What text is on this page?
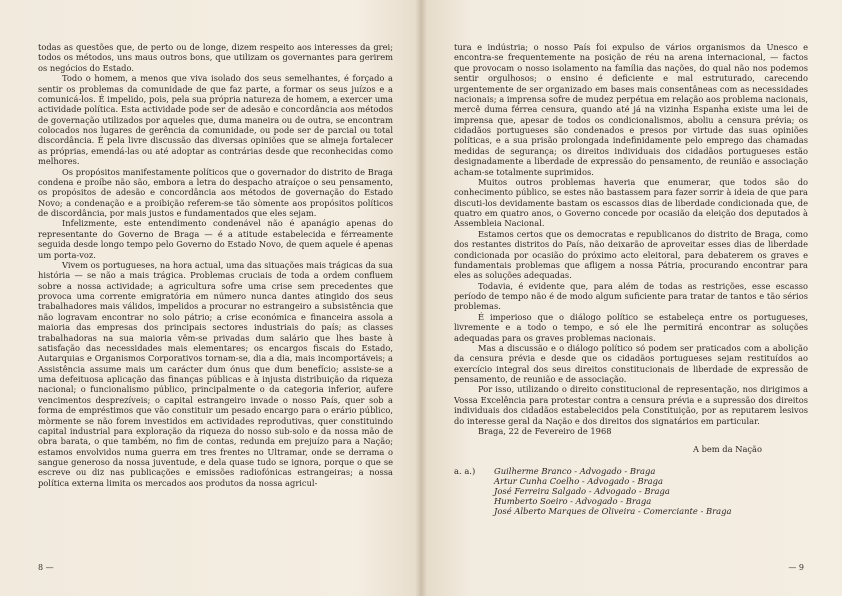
todas as questões que, de perto ou de longe, dizem respeito aos interesses da grei; todos os métodos, uns maus outros bons, que utilizam os governantes para gerirem os negócios do Estado.

Todo o homem, a menos que viva isolado dos seus semelhantes, é forçado a sentir os problemas da comunidade de que faz parte, a formar os seus juízos e a comunicá-los. É impelido, pois, pela sua própria natureza de homem, a exercer uma actividade política. Esta actividade pode ser de adesão e concordância aos métodos de governação utilizados por aqueles que, duma maneira ou de outra, se encontram colocados nos lugares de gerência da comunidade, ou pode ser de parcial ou total discordância. É pela livre discussão das diversas opiniões que se almeja fortalecer as próprias, emendá-las ou até adoptar as contrárias desde que reconhecidas como melhores.

Os propósitos manifestamente políticos que o governador do distrito de Braga condena e proíbe não são, embora a letra do despacho atraíçoe o seu pensamento, os propósitos de adesão e concordância aos métodos de governação do Estado Novo; a condenação e a proibição referem-se tão sòmente aos propósitos políticos de discordância, por mais justos e fundamentados que eles sejam.

Infelizmente, este entendimento condenável não é apanágio apenas do representante do Governo de Braga — é a atitude estabelecida e férreamente seguida desde longo tempo pelo Governo do Estado Novo, de quem aquele é apenas um porta-voz.

Vivem os portugueses, na hora actual, uma das situações mais trágicas da sua história — se não a mais trágica. Problemas cruciais de toda a ordem confluem sobre a nossa actividade; a agricultura sofre uma crise sem precedentes que provoca uma corrente emigratória em número nunca dantes atingido dos seus trabalhadores mais válidos, impelidos a procurar no estrangeiro a subsistência que não logravam encontrar no solo pátrio; a crise económica e financeira assola a maioria das empresas dos principais sectores industriais do país; as classes trabalhadoras na sua maioria vêm-se privadas dum salário que lhes baste à satisfação das necessidades mais elementares; os encargos fiscais do Estado, Autarquias e Organismos Corporativos tornam-se, dia a dia, mais incomportáveis; a Assistência assume mais um carácter dum ónus que dum benefício; assiste-se a uma defeituosa aplicação das finanças públicas e à injusta distribuição da riqueza nacional; o funcionalismo público, principalmente o da categoria inferior, aufere vencimentos desprezíveis; o capital estrangeiro invade o nosso País, quer sob a forma de empréstimos que vão constituir um pesado encargo para o erário público, mòrmente se não forem investidos em actividades reprodutivas, quer constituindo capital industrial para exploração da riqueza do nosso sub-solo e da nossa mão de obra barata, o que também, no fim de contas, redunda em prejuízo para a Nação; estamos envolvidos numa guerra em tres frentes no Ultramar, onde se derrama o sangue generoso da nossa juventude, e dela quase tudo se ignora, porque o que se escreve ou diz nas publicações e emissões radiofónicas estrangeiras; a nossa política externa limita os mercados aos produtos da nossa agricul-

8 —

tura e indústria; o nosso País foi expulso de vários organismos da Unesco e encontra-se frequentemente na posição de réu na arena internacional, — factos que provocam o nosso isolamento na família das nações, do qual não nos podemos sentir orgulhosos; o ensino é deficiente e mal estruturado, carecendo urgentemente de ser organizado em bases mais consentâneas com as necessidades nacionais; a imprensa sofre de mudez perpétua em relação aos problema nacionais, mercê duma férrea censura, quando até já na vizinha Espanha existe uma lei de imprensa que, apesar de todos os condicionalismos, aboliu a censura prévia; os cidadãos portugueses são condenados e presos por virtude das suas opiniões políticas, e a sua prisão prolongada indefinidamente pelo emprego das chamadas medidas de segurança; os direitos individuais dos cidadãos portugueses estão designadamente a liberdade de expressão do pensamento, de reunião e associação acham-se totalmente suprimidos.

Muitos outros problemas haveria que enumerar, que todos são do conhecimento público, se estes não bastassem para fazer sorrir à ideia de que para discuti-los devidamente bastam os escassos dias de liberdade condicionada que, de quatro em quatro anos, o Governo concede por ocasião da eleição dos deputados à Assembleia Nacional.

Estamos certos que os democratas e republicanos do distrito de Braga, como dos restantes distritos do País, não deixarão de aproveitar esses dias de liberdade condicionada por ocasião do próximo acto eleitoral, para debaterem os graves e fundamentais problemas que afligem a nossa Pátria, procurando encontrar para eles as soluções adequadas.

Todavia, é evidente que, para além de todas as restrições, esse escasso período de tempo não é de modo algum suficiente para tratar de tantos e tão sérios problemas.

É imperioso que o diálogo político se estabeleça entre os portugueses, livremente e a todo o tempo, e só ele lhe permitirá encontrar as soluções adequadas para os graves problemas nacionais.

Mas a discussão e o diálogo político só podem ser praticados com a abolição da censura prévia e desde que os cidadãos portugueses sejam restituídos ao exercício integral dos seus direitos constitucionais de liberdade de expressão de pensamento, de reunião e de associação.

Por isso, utilizando o direito constitucional de representação, nos dirigimos a Vossa Excelência para protestar contra a censura prévia e a supressão dos direitos individuais dos cidadãos estabelecidos pela Constituição, por as reputarem lesivos do interesse geral da Nação e dos direitos dos signatários em particular.

Braga, 22 de Fevereiro de 1968

A bem da Nação
a. a.)	Guilherme Branco - Advogado - Braga
Artur Cunha Coelho - Advogado - Braga
José Ferreira Salgado - Advogado - Braga
Humberto Soeiro - Advogado - Braga
José Alberto Marques de Oliveira - Comerciante - Braga
— 9
